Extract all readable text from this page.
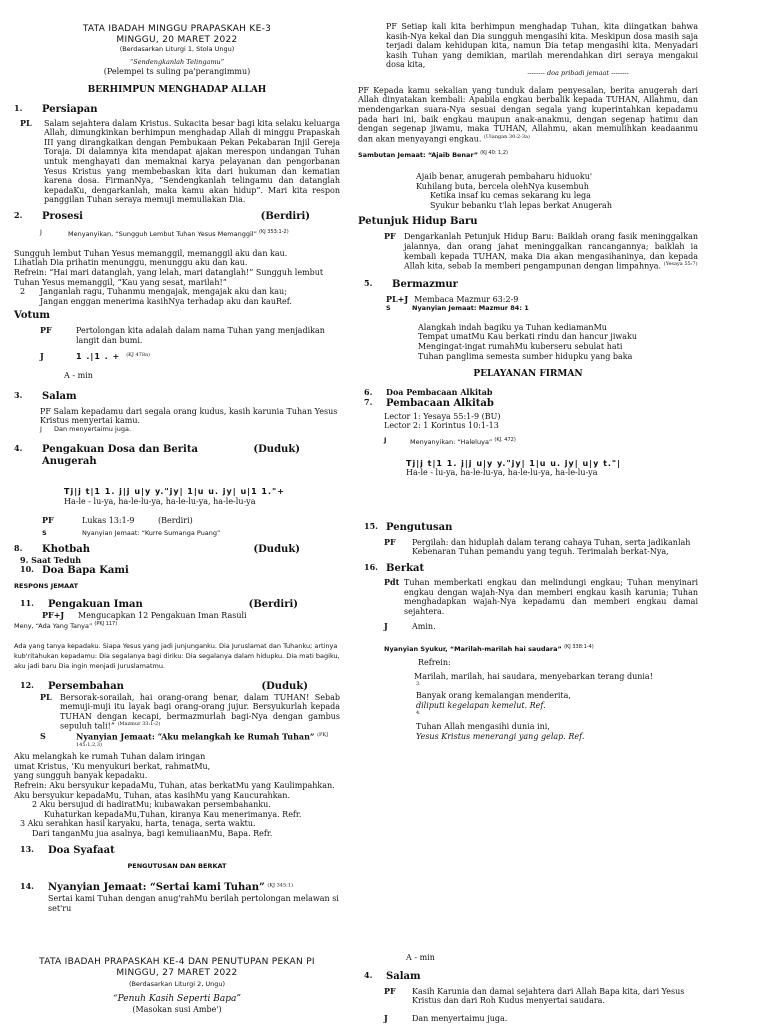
TATA IBADAH MINGGU PRAPASKAH KE-3
MINGGU, 20 MARET 2022
(Berdasarkan Liturgi 1, Stola Ungu)
“Sendengkanlah Telingamu”
(Pelempei ts suling pa'perangimmu)
BERHIMPUN MENGHADAP ALLAH
1.	Persiapan
PL	Salam sejahtera dalam Kristus. Sukacita besar bagi kita selaku keluarga Allah, dimungkinkan berhimpun menghadap Allah di minggu Prapaskah III yang dirangkaikan dengan Pembukaan Pekan Pekabaran Injil Gereja Toraja. Di dalamnya kita mendapat ajakan merespon undangan Tuhan untuk menghayati dan memaknai karya pelayanan dan pengorbanan Yesus Kristus yang membebaskan kita dari hukuman dan kematian karena dosa. FirmanNya, “Sendengkanlah telingamu dan datanglah kepadaKu, dengarkanlah, maka kamu akan hidup”. Mari kita respon panggilan Tuhan seraya memuji memuliakan Dia.
2.	Prosesi	(Berdiri)
J	Menyanyikan, “Sungguh Lembut Tuhan Yesus Memanggil” $^{(KJ 353:1-2)}$
Sungguh lembut Tuhan Yesus memanggil, memanggil aku dan kau.
Lihatlah Dia prihatin menunggu, menunggu aku dan kau.
Refrein: “Hai mari datanglah, yang lelah, mari datanglah!” Sungguh lembut Tuhan Yesus memanggil, “Kau yang sesat, marilah!”
2	Janganlah ragu, Tuhanmu mengajak, mengajak aku dan kau;
Jangan enggan menerima kasihNya terhadap aku dan kauRef.
Votum
PF	Pertolongan kita adalah dalam nama Tuhan yang menjadikan langit dan bumi.
J	1 .|1 . + (KJ 478a)
A - min
3.	Salam
PF Salam kepadamu dari segala orang kudus, kasih karunia Tuhan Yesus Kristus menyertai kamu.
J	Dan menyertaimu juga.
4.	Pengakuan Dosa dan Berita Anugerah
(Duduk)
Tj|j t|1 1. j|j u|y y."jy| 1|u u. jy| u|1 1."+
Ha-le - lu-ya, ha-le-lu-ya, ha-le-lu-ya, ha-le-lu-ya
PF	Lukas 13:1-9	(Berdiri)
S	Nyanyian Jemaat: “Kurre Sumanga Puang”
8.	Khotbah	(Duduk)
9. Saat Teduh
10. Doa Bapa Kami
RESPONS JEMAAT
11.	Pengakuan Iman	(Berdiri)
PF+J	Mengucapkan 12 Pengakuan Iman Rasuli
Meny, “Ada Yang Tanya” $^{(PKJ 117)}$
Ada yang tanya kepadaku. Siapa Yesus yang jadi junjunganku. Dia Juruslamat dan Tuhanku; artinya kub'ritahukan kepadamu: Dia segalanya bagi diriku: Dia segalanya dalam hidupku. Dia mati bagiku, aku jadi baru Dia ingin menjadi Juruslamatmu.
12.	Persembahan	(Duduk)
PL Bersorak-sorailah, hai orang-orang benar, dalam TUHAN! Sebab memuji-muji itu layak bagi orang-orang jujur. Bersyukurlah kepada TUHAN dengan kecapi, bermazmurlah bagi-Nya dengan gambus sepuluh tali!” $^{(Mazmur 33:1-2)}$
S	Nyanyian Jemaat: “Aku melangkah ke Rumah Tuhan” $^{(PKJ 145:1,2,3)}$
Aku melangkah ke rumah Tuhan dalam iringan
umat Kristus, ‘Ku menyukuri berkat, rahmatMu,
yang sungguh banyak kepadaku.
Refrein: Aku bersyukur kepadaMu, Tuhan, atas berkatMu yang Kaulimpahkan. Aku bersyukur kepadaMu, Tuhan, atas kasihMu yang Kaucurahkan.
2 Aku bersujud di hadiratMu; kubawakan persembahanku.
Kuhaturkan kepadaMu,Tuhan, kiranya Kau menerimanya. Refr.
3 Aku serahkan hasil karyaku, harta, tenaga, serta waktu.
Dari tanganMu jua asalnya, bagi kemuliaanMu, Bapa. Refr.
13.	Doa Syafaat
PENGUTUSAN DAN BERKAT
14.	Nyanyian Jemaat: “Sertai kami Tuhan” $^{(KJ 345:1)}$
Sertai kami Tuhan dengan anug'rahMu berilah pertolongan melawan si set'ru
TATA IBADAH PRAPASKAH KE-4 DAN PENUTUPAN PEKAN PI
MINGGU, 27 MARET 2022
(Berdasarkan Liturgi 2, Ungu)
“Penuh Kasih Seperti Bapa”
(Masokan susi Ambe')
PF Setiap kali kita berhimpun menghadap Tuhan, kita diingatkan bahwa kasih-Nya kekal dan Dia sungguh mengasihi kita. Meskipun dosa masih saja terjadi dalam kehidupan kita, namun Dia tetap mengasihi kita. Menyadari kasih Tuhan yang demikian, marilah merendahkan diri seraya mengakui dosa kita,
-------- doa pribadi jemaat --------
PF Kepada kamu sekalian yang tunduk dalam penyesalan, berita anugerah dari Allah dinyatakan kembali: Apabila engkau berbalik kepada TUHAN, Allahmu, dan mendengarkan suara-Nya sesuai dengan segala yang kuperintahkan kepadamu pada hari ini, baik engkau maupun anak-anakmu, dengan segenap hatimu dan dengan segenap jiwamu, maka TUHAN, Allahmu, akan memulihkan keadaanmu dan akan menyayangi engkau. $^{(Ulangan 30:2-3a)}$
Sambutan Jemaat: “Ajaib Benar” $^{(KJ 40: 1,2)}$
Ajaib benar, anugerah pembaharu hiduoku'
Kuhilang buta, bercela olehNya kusembuh
Ketika insaf ku cemas sekarang ku lega
Syukur bebanku t'lah lepas berkat Anugerah
Petunjuk Hidup Baru
PF Dengarkanlah Petunjuk Hidup Baru: Baiklah orang fasik meninggalkan jalannya, dan orang jahat meninggalkan rancangannya; baiklah ia kembali kepada TUHAN, maka Dia akan mengasihaninya, dan kepada Allah kita, sebab Ia memberi pengampunan dengan limpahnya. $^{(Yesaya 55:7)}$
5.	Bermazmur
PL+J Membaca Mazmur 63:2-9
S	Nyanyian Jemaat: Mazmur 84: 1
Alangkah indah bagiku ya Tuhan kediamanMu
Tempat umatMu Kau berkati rindu dan hancur jiwaku
Mengingat-ingat rumahMu kuberseru sebulat hati
Tuhan panglima semesta sumber hidupku yang baka
PELAYANAN FIRMAN
6.	Doa Pembacaan Alkitab
7.	Pembacaan Alkitab
Lector 1: Yesaya 55:1-9 (BU)
Lector 2: 1 Korintus 10:1-13
J	Menyanyikan: “Haleluya” $^{(KJ. 472)}$
Tj|j t|1 1. j|j u|y y."jy| 1|u u. jy| u|y t."|
Ha-le - lu-ya, ha-le-lu-ya, ha-le-lu-ya, ha-le-lu-ya
15. Pengutusan
PF	Pergilah: dan hiduplah dalam terang cahaya Tuhan, serta jadikanlah Kebenaran Tuhan pemandu yang teguh. Terimalah berkat-Nya,
16. Berkat
Pdt Tuhan memberkati engkau dan melindungi engkau; Tuhan menyinari engkau dengan wajah-Nya dan memberi engkau kasih karunia; Tuhan menghadapkan wajah-Nya kepadamu dan memberi engkau damai sejahtera.
J	Amin.
Nyanyian Syukur, “Marilah-marilah hai saudara” $^{(KJ 338:1-4)}$
Refrein:
Marilah, marilah, hai saudara, menyebarkan terang dunia!
3.
Banyak orang kemalangan menderita,
diliputi kegelapan kemelut. Ref.
4.
Tuhan Allah mengasihi dunia ini,
Yesus Kristus menerangi yang gelap. Ref.
A - min
4.	Salam
PF	Kasih Karunia dan damai sejahtera dari Allah Bapa kita, dari Yesus Kristus dan dari Roh Kudus menyertai saudara.
J	Dan menyertaimu juga.
